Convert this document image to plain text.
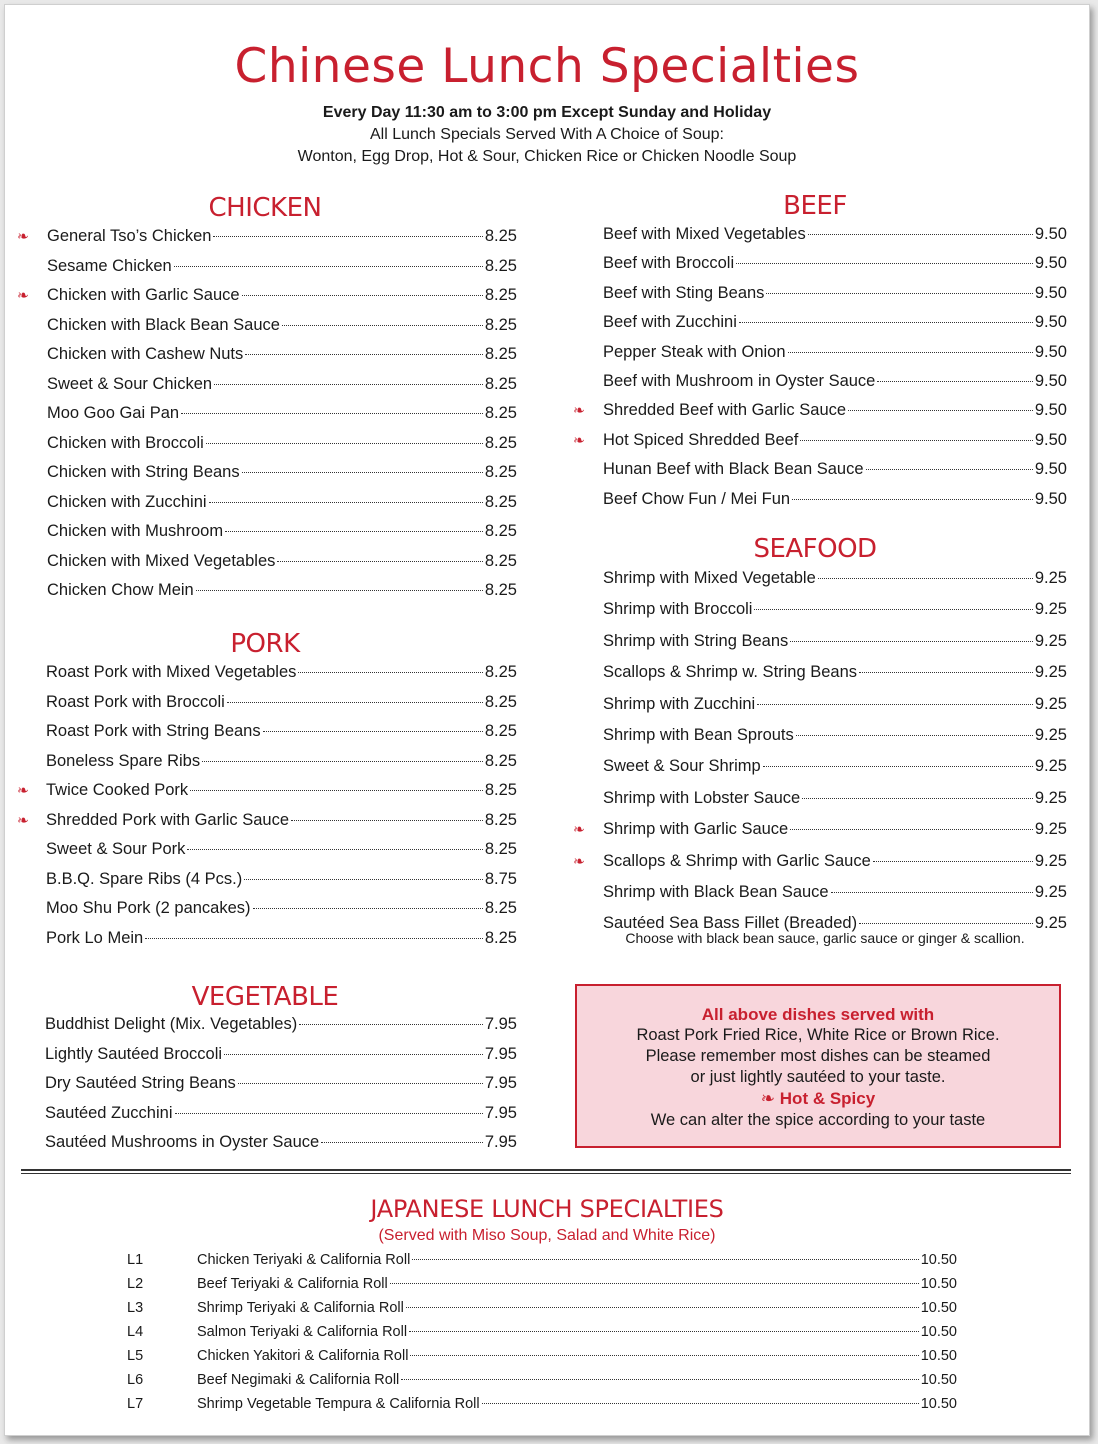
Chinese Lunch Specialties
Every Day 11:30 am to 3:00 pm Except Sunday and Holiday
All Lunch Specials Served With A Choice of Soup:
Wonton, Egg Drop, Hot & Sour, Chicken Rice or Chicken Noodle Soup
CHICKEN
PORK
VEGETABLE
BEEF
SEAFOOD
❧ General Tso’s Chicken	8.25
Sesame Chicken	8.25
❧ Chicken with Garlic Sauce	8.25
Chicken with Black Bean Sauce	8.25
Chicken with Cashew Nuts	8.25
Sweet & Sour Chicken	8.25
Moo Goo Gai Pan	8.25
Chicken with Broccoli	8.25
Chicken with String Beans	8.25
Chicken with Zucchini	8.25
Chicken with Mushroom	8.25
Chicken with Mixed Vegetables	8.25
Chicken Chow Mein	8.25
Roast Pork with Mixed Vegetables	8.25
Roast Pork with Broccoli	8.25
Roast Pork with String Beans	8.25
Boneless Spare Ribs	8.25
❧ Twice Cooked Pork	8.25
❧ Shredded Pork with Garlic Sauce	8.25
Sweet & Sour Pork	8.25
B.B.Q. Spare Ribs (4 Pcs.)	8.75
Moo Shu Pork (2 pancakes)	8.25
Pork Lo Mein	8.25
Buddhist Delight (Mix. Vegetables)	7.95
Lightly Sautéed Broccoli	7.95
Dry Sautéed String Beans	7.95
Sautéed Zucchini	7.95
Sautéed Mushrooms in Oyster Sauce	7.95
Beef with Mixed Vegetables	9.50
Beef with Broccoli	9.50
Beef with Sting Beans	9.50
Beef with Zucchini	9.50
Pepper Steak with Onion	9.50
Beef with Mushroom in Oyster Sauce	9.50
❧ Shredded Beef with Garlic Sauce	9.50
❧ Hot Spiced Shredded Beef	9.50
Hunan Beef with Black Bean Sauce	9.50
Beef Chow Fun / Mei Fun	9.50
Shrimp with Mixed Vegetable	9.25
Shrimp with Broccoli	9.25
Shrimp with String Beans	9.25
Scallops & Shrimp w. String Beans	9.25
Shrimp with Zucchini	9.25
Shrimp with Bean Sprouts	9.25
Sweet & Sour Shrimp	9.25
Shrimp with Lobster Sauce	9.25
❧ Shrimp with Garlic Sauce	9.25
❧ Scallops & Shrimp with Garlic Sauce	9.25
Shrimp with Black Bean Sauce	9.25
Sautéed Sea Bass Fillet (Breaded)	9.25
Choose with black bean sauce, garlic sauce or ginger & scallion.
All above dishes served with
Roast Pork Fried Rice, White Rice or Brown Rice.
Please remember most dishes can be steamed
or just lightly sautéed to your taste.
❧ Hot & Spicy
We can alter the spice according to your taste
JAPANESE LUNCH SPECIALTIES
(Served with Miso Soup, Salad and White Rice)
L1	Chicken Teriyaki & California Roll	10.50
L2	Beef Teriyaki & California Roll	10.50
L3	Shrimp Teriyaki & California Roll	10.50
L4	Salmon Teriyaki & California Roll	10.50
L5	Chicken Yakitori & California Roll	10.50
L6	Beef Negimaki & California Roll	10.50
L7	Shrimp Vegetable Tempura & California Roll	10.50
